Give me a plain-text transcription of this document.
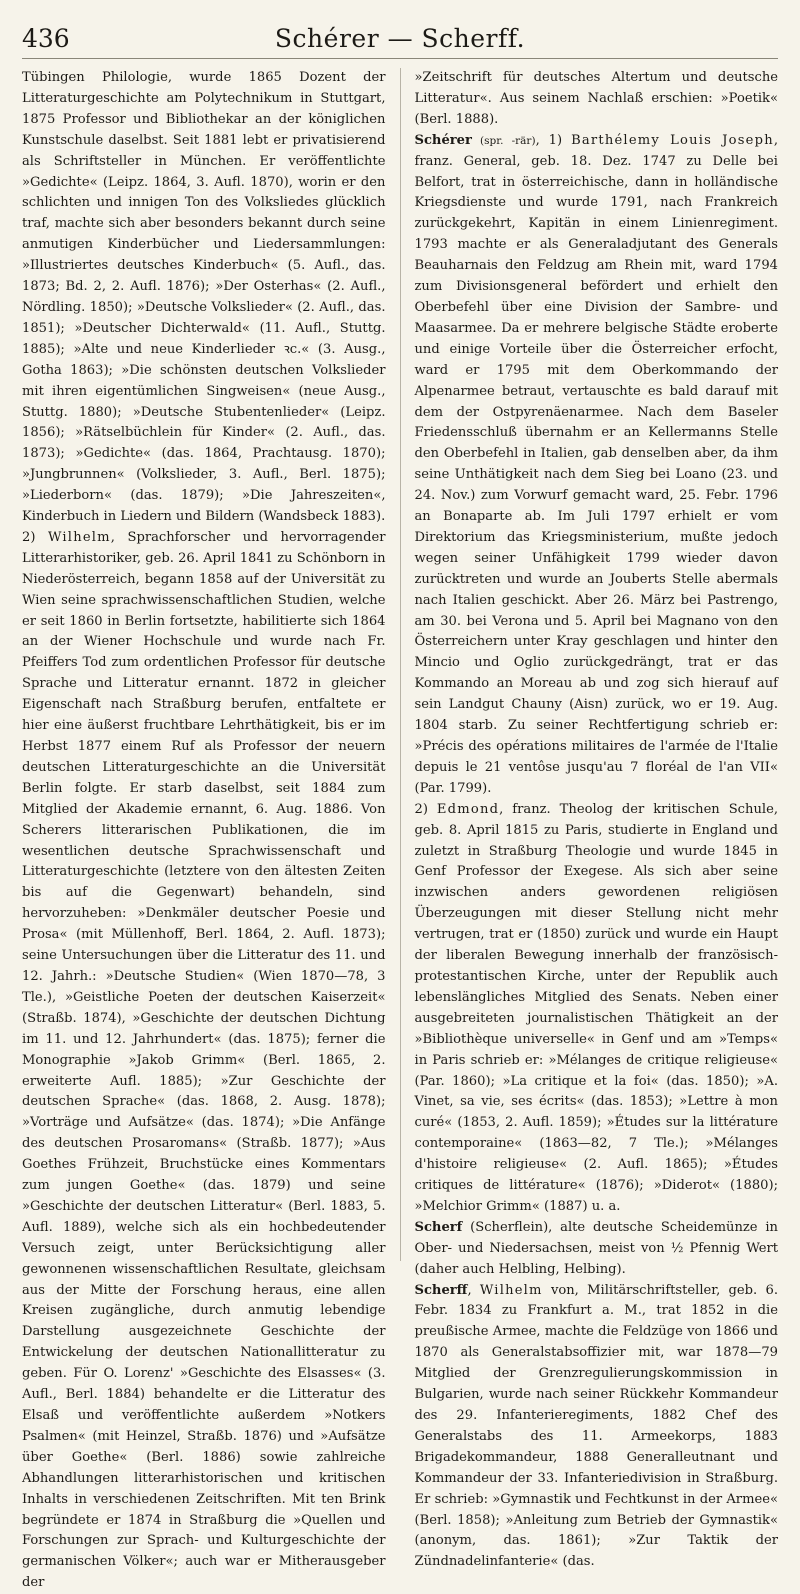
436	Schérer — Scherff.

Tübingen Philologie, wurde 1865 Dozent der Litteraturgeschichte am Polytechnikum in Stuttgart, 1875 Professor und Bibliothekar an der königlichen Kunstschule daselbst. Seit 1881 lebt er privatisierend als Schriftsteller in München. Er veröffentlichte »Gedichte« (Leipz. 1864, 3. Aufl. 1870), worin er den schlichten und innigen Ton des Volksliedes glücklich traf, machte sich aber besonders bekannt durch seine anmutigen Kinderbücher und Liedersammlungen: »Illustriertes deutsches Kinderbuch« (5. Aufl., das. 1873; Bd. 2, 2. Aufl. 1876); »Der Osterhas« (2. Aufl., Nördling. 1850); »Deutsche Volkslieder« (2. Aufl., das. 1851); »Deutscher Dichterwald« (11. Aufl., Stuttg. 1885); »Alte und neue Kinderlieder ꝛc.« (3. Ausg., Gotha 1863); »Die schönsten deutschen Volkslieder mit ihren eigentümlichen Singweisen« (neue Ausg., Stuttg. 1880); »Deutsche Stubentenlieder« (Leipz. 1856); »Rätselbüchlein für Kinder« (2. Aufl., das. 1873); »Gedichte« (das. 1864, Prachtausg. 1870); »Jungbrunnen« (Volkslieder, 3. Aufl., Berl. 1875); »Liederborn« (das. 1879); »Die Jahreszeiten«, Kinderbuch in Liedern und Bildern (Wandsbeck 1883).

2) Wilhelm, Sprachforscher und hervorragender Litterarhistoriker, geb. 26. April 1841 zu Schönborn in Niederösterreich, begann 1858 auf der Universität zu Wien seine sprachwissenschaftlichen Studien, welche er seit 1860 in Berlin fortsetzte, habilitierte sich 1864 an der Wiener Hochschule und wurde nach Fr. Pfeiffers Tod zum ordentlichen Professor für deutsche Sprache und Litteratur ernannt. 1872 in gleicher Eigenschaft nach Straßburg berufen, entfaltete er hier eine äußerst fruchtbare Lehrthätigkeit, bis er im Herbst 1877 einem Ruf als Professor der neuern deutschen Litteraturgeschichte an die Universität Berlin folgte. Er starb daselbst, seit 1884 zum Mitglied der Akademie ernannt, 6. Aug. 1886. Von Scherers litterarischen Publikationen, die im wesentlichen deutsche Sprachwissenschaft und Litteraturgeschichte (letztere von den ältesten Zeiten bis auf die Gegenwart) behandeln, sind hervorzuheben: »Denkmäler deutscher Poesie und Prosa« (mit Müllenhoff, Berl. 1864, 2. Aufl. 1873); seine Untersuchungen über die Litteratur des 11. und 12. Jahrh.: »Deutsche Studien« (Wien 1870—78, 3 Tle.), »Geistliche Poeten der deutschen Kaiserzeit« (Straßb. 1874), »Geschichte der deutschen Dichtung im 11. und 12. Jahrhundert« (das. 1875); ferner die Monographie »Jakob Grimm« (Berl. 1865, 2. erweiterte Aufl. 1885); »Zur Geschichte der deutschen Sprache« (das. 1868, 2. Ausg. 1878); »Vorträge und Aufsätze« (das. 1874); »Die Anfänge des deutschen Prosaromans« (Straßb. 1877); »Aus Goethes Frühzeit, Bruchstücke eines Kommentars zum jungen Goethe« (das. 1879) und seine »Geschichte der deutschen Litteratur« (Berl. 1883, 5. Aufl. 1889), welche sich als ein hochbedeutender Versuch zeigt, unter Berücksichtigung aller gewonnenen wissenschaftlichen Resultate, gleichsam aus der Mitte der Forschung heraus, eine allen Kreisen zugängliche, durch anmutig lebendige Darstellung ausgezeichnete Geschichte der Entwickelung der deutschen Nationallitteratur zu geben. Für O. Lorenz' »Geschichte des Elsasses« (3. Aufl., Berl. 1884) behandelte er die Litteratur des Elsaß und veröffentlichte außerdem »Notkers Psalmen« (mit Heinzel, Straßb. 1876) und »Aufsätze über Goethe« (Berl. 1886) sowie zahlreiche Abhandlungen litterarhistorischen und kritischen Inhalts in verschiedenen Zeitschriften. Mit ten Brink begründete er 1874 in Straßburg die »Quellen und Forschungen zur Sprach- und Kulturgeschichte der germanischen Völker«; auch war er Mitherausgeber der

»Zeitschrift für deutsches Altertum und deutsche Litteratur«. Aus seinem Nachlaß erschien: »Poetik« (Berl. 1888).

Schérer (spr. -rär), 1) Barthélemy Louis Joseph, franz. General, geb. 18. Dez. 1747 zu Delle bei Belfort, trat in österreichische, dann in holländische Kriegsdienste und wurde 1791, nach Frankreich zurückgekehrt, Kapitän in einem Linienregiment. 1793 machte er als Generaladjutant des Generals Beauharnais den Feldzug am Rhein mit, ward 1794 zum Divisionsgeneral befördert und erhielt den Oberbefehl über eine Division der Sambre- und Maasarmee. Da er mehrere belgische Städte eroberte und einige Vorteile über die Österreicher erfocht, ward er 1795 mit dem Oberkommando der Alpenarmee betraut, vertauschte es bald darauf mit dem der Ostpyrenäenarmee. Nach dem Baseler Friedensschluß übernahm er an Kellermanns Stelle den Oberbefehl in Italien, gab denselben aber, da ihm seine Unthätigkeit nach dem Sieg bei Loano (23. und 24. Nov.) zum Vorwurf gemacht ward, 25. Febr. 1796 an Bonaparte ab. Im Juli 1797 erhielt er vom Direktorium das Kriegsministerium, mußte jedoch wegen seiner Unfähigkeit 1799 wieder davon zurücktreten und wurde an Jouberts Stelle abermals nach Italien geschickt. Aber 26. März bei Pastrengo, am 30. bei Verona und 5. April bei Magnano von den Österreichern unter Kray geschlagen und hinter den Mincio und Oglio zurückgedrängt, trat er das Kommando an Moreau ab und zog sich hierauf auf sein Landgut Chauny (Aisn) zurück, wo er 19. Aug. 1804 starb. Zu seiner Rechtfertigung schrieb er: »Précis des opérations militaires de l'armée de l'Italie depuis le 21 ventôse jusqu'au 7 floréal de l'an VII« (Par. 1799).

2) Edmond, franz. Theolog der kritischen Schule, geb. 8. April 1815 zu Paris, studierte in England und zuletzt in Straßburg Theologie und wurde 1845 in Genf Professor der Exegese. Als sich aber seine inzwischen anders gewordenen religiösen Überzeugungen mit dieser Stellung nicht mehr vertrugen, trat er (1850) zurück und wurde ein Haupt der liberalen Bewegung innerhalb der französisch-protestantischen Kirche, unter der Republik auch lebenslängliches Mitglied des Senats. Neben einer ausgebreiteten journalistischen Thätigkeit an der »Bibliothèque universelle« in Genf und am »Temps« in Paris schrieb er: »Mélanges de critique religieuse« (Par. 1860); »La critique et la foi« (das. 1850); »A. Vinet, sa vie, ses écrits« (das. 1853); »Lettre à mon curé« (1853, 2. Aufl. 1859); »Études sur la littérature contemporaine« (1863—82, 7 Tle.); »Mélanges d'histoire religieuse« (2. Aufl. 1865); »Études critiques de littérature« (1876); »Diderot« (1880); »Melchior Grimm« (1887) u. a.

Scherf (Scherflein), alte deutsche Scheidemünze in Ober- und Niedersachsen, meist von ½ Pfennig Wert (daher auch Helbling, Helbing).

Scherff, Wilhelm von, Militärschriftsteller, geb. 6. Febr. 1834 zu Frankfurt a. M., trat 1852 in die preußische Armee, machte die Feldzüge von 1866 und 1870 als Generalstabsoffizier mit, war 1878—79 Mitglied der Grenzregulierungskommission in Bulgarien, wurde nach seiner Rückkehr Kommandeur des 29. Infanterieregiments, 1882 Chef des Generalstabs des 11. Armeekorps, 1883 Brigadekommandeur, 1888 Generalleutnant und Kommandeur der 33. Infanteriedivision in Straßburg. Er schrieb: »Gymnastik und Fechtkunst in der Armee« (Berl. 1858); »Anleitung zum Betrieb der Gymnastik« (anonym, das. 1861); »Zur Taktik der Zündnadelinfanterie« (das.
